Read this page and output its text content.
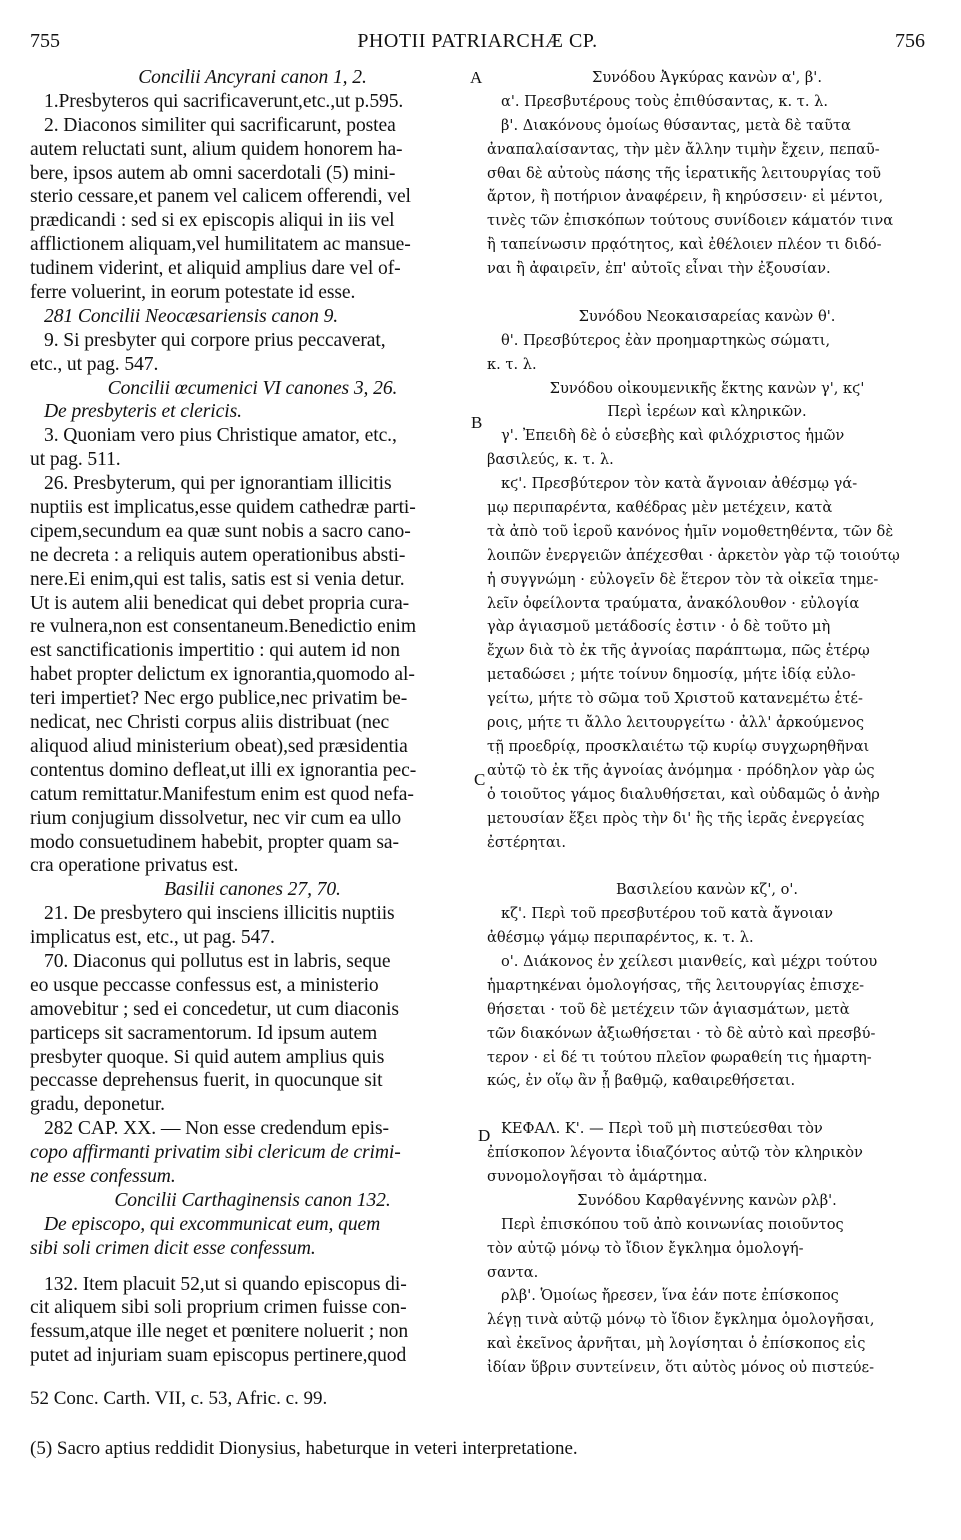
755	PHOTII PATRIARCHÆ CP.	756
Concilii Ancyrani canon 1, 2.
1.Presbyteros qui sacrificaverunt,etc.,ut p.595.
2. Diaconos similiter qui sacrificarunt, postea
autem reluctati sunt, alium quidem honorem ha-
bere, ipsos autem ab omni sacerdotali (5) mini-
sterio cessare,et panem vel calicem offerendi, vel
prædicandi : sed si ex episcopis aliqui in iis vel
afflictionem aliquam,vel humilitatem ac mansue-
tudinem viderint, et aliquid amplius dare vel of-
ferre voluerint, in eorum potestate id esse.
281 Concilii Neocæsariensis canon 9.
9. Si presbyter qui corpore prius peccaverat,
etc., ut pag. 547.
Concilii œcumenici VI canones 3, 26.
De presbyteris et clericis.
3. Quoniam vero pius Christique amator, etc.,
ut pag. 511.
26. Presbyterum, qui per ignorantiam illicitis
nuptiis est implicatus,esse quidem cathedræ parti-
cipem,secundum ea quæ sunt nobis a sacro cano-
ne decreta : a reliquis autem operationibus absti-
nere.Ei enim,qui est talis, satis est si venia detur.
Ut is autem alii benedicat qui debet propria cura-
re vulnera,non est consentaneum.Benedictio enim
est sanctificationis impertitio : qui autem id non
habet propter delictum ex ignorantia,quomodo al-
teri impertiet? Nec ergo publice,nec privatim be-
nedicat, nec Christi corpus aliis distribuat (nec
aliquod aliud ministerium obeat),sed præsidentia
contentus domino defleat,ut illi ex ignorantia pec-
catum remittatur.Manifestum enim est quod nefa-
rium conjugium dissolvetur, nec vir cum ea ullo
modo consuetudinem habebit, propter quam sa-
cra operatione privatus est.
Basilii canones 27, 70.
21. De presbytero qui insciens illicitis nuptiis
implicatus est, etc., ut pag. 547.
70. Diaconus qui pollutus est in labris, seque
eo usque peccasse confessus est, a ministerio
amovebitur ; sed ei concedetur, ut cum diaconis
particeps sit sacramentorum. Id ipsum autem
presbyter quoque. Si quid autem amplius quis
peccasse deprehensus fuerit, in quocunque sit
gradu, deponetur.
282 CAP. XX. — Non esse credendum epis-
copo affirmanti privatim sibi clericum de crimi-
ne esse confessum.
Concilii Carthaginensis canon 132.
De episcopo, qui excommunicat eum, quem
sibi soli crimen dicit esse confessum.
132. Item placuit 52,ut si quando episcopus di-
cit aliquem sibi soli proprium crimen fuisse con-
fessum,atque ille neget et pœnitere noluerit ; non
putet ad injuriam suam episcopus pertinere,quod
Συνόδου Ἀγκύρας κανὼν α', β'.
α'. Πρεσβυτέρους τοὺς ἐπιθύσαντας, κ. τ. λ.
β'. Διακόνους ὁμοίως θύσαντας, μετὰ δὲ ταῦτα
ἀναπαλαίσαντας, τὴν μὲν ἄλλην τιμὴν ἔχειν, πεπαῦ-
σθαι δὲ αὐτοὺς πάσης τῆς ἱερατικῆς λειτουργίας τοῦ
ἄρτον, ἢ ποτήριον ἀναφέρειν, ἢ κηρύσσειν· εἰ μέντοι,
τινὲς τῶν ἐπισκόπων τούτους συνίδοιεν κάματόν τινα
ἢ ταπείνωσιν πρᾳότητος, καὶ ἐθέλοιεν πλέον τι διδό-
ναι ἢ ἀφαιρεῖν, ἐπ' αὐτοῖς εἶναι τὴν ἐξουσίαν.
Συνόδου Νεοκαισαρείας κανὼν θ'.
θ'. Πρεσβύτερος ἐὰν προημαρτηκὼς σώματι,
κ. τ. λ.
Συνόδου οἰκουμενικῆς ἕκτης κανὼν γ', κϛ'
Περὶ ἱερέων καὶ κληρικῶν.
γ'. Ἐπειδὴ δὲ ὁ εὐσεβὴς καὶ φιλόχριστος ἡμῶν
βασιλεύς, κ. τ. λ.
κϛ'. Πρεσβύτερον τὸν κατὰ ἄγνοιαν ἀθέσμῳ γά-
μῳ περιπαρέντα, καθέδρας μὲν μετέχειν, κατὰ
τὰ ἀπὸ τοῦ ἱεροῦ κανόνος ἡμῖν νομοθετηθέντα, τῶν δὲ
λοιπῶν ἐνεργειῶν ἀπέχεσθαι · ἀρκετὸν γὰρ τῷ τοιούτῳ
ἡ συγγνώμη · εὐλογεῖν δὲ ἕτερον τὸν τὰ οἰκεῖα τημε-
λεῖν ὀφείλοντα τραύματα, ἀνακόλουθον · εὐλογία
γὰρ ἁγιασμοῦ μετάδοσίς ἐστιν · ὁ δὲ τοῦτο μὴ
ἔχων διὰ τὸ ἐκ τῆς ἀγνοίας παράπτωμα, πῶς ἑτέρῳ
μεταδώσει ; μήτε τοίνυν δημοσίᾳ, μήτε ἰδίᾳ εὐλο-
γείτω, μήτε τὸ σῶμα τοῦ Χριστοῦ κατανεμέτω ἑτέ-
ροις, μήτε τι ἄλλο λειτουργείτω · ἀλλ' ἀρκούμενος
τῇ προεδρίᾳ, προσκλαιέτω τῷ κυρίῳ συγχωρηθῆναι
αὐτῷ τὸ ἐκ τῆς ἀγνοίας ἀνόμημα · πρόδηλον γὰρ ὡς
ὁ τοιοῦτος γάμος διαλυθήσεται, καὶ οὐδαμῶς ὁ ἀνὴρ
μετουσίαν ἕξει πρὸς τὴν δι' ἣς τῆς ἱερᾶς ἐνεργείας
ἐστέρηται.
Βασιλείου κανὼν κζ', ο'.
κζ'. Περὶ τοῦ πρεσβυτέρου τοῦ κατὰ ἄγνοιαν
ἀθέσμῳ γάμῳ περιπαρέντος, κ. τ. λ.
ο'. Διάκονος ἐν χείλεσι μιανθείς, καὶ μέχρι τούτου
ἡμαρτηκέναι ὁμολογήσας, τῆς λειτουργίας ἐπισχε-
θήσεται · τοῦ δὲ μετέχειν τῶν ἁγιασμάτων, μετὰ
τῶν διακόνων ἀξιωθήσεται · τὸ δὲ αὐτὸ καὶ πρεσβύ-
τερον · εἰ δέ τι τούτου πλεῖον φωραθείη τις ἡμαρτη-
κώς, ἐν οἵῳ ἂν ᾖ βαθμῷ, καθαιρεθήσεται.
ΚΕΦΑΛ. Κ'. — Περὶ τοῦ μὴ πιστεύεσθαι τὸν
ἐπίσκοπον λέγοντα ἰδιαζόντος αὐτῷ τὸν κληρικὸν
συνομολογῆσαι τὸ ἁμάρτημα.
Συνόδου Καρθαγέννης κανὼν ρλβ'.
Περὶ ἐπισκόπου τοῦ ἀπὸ κοινωνίας ποιοῦντος
τὸν αὐτῷ μόνῳ τὸ ἴδιον ἔγκλημα ὁμολογή-
σαντα.
ρλβ'. Ὁμοίως ἤρεσεν, ἵνα ἐάν ποτε ἐπίσκοπος
λέγῃ τινὰ αὐτῷ μόνῳ τὸ ἴδιον ἔγκλημα ὁμολογῆσαι,
καὶ ἐκεῖνος ἀρνῆται, μὴ λογίσηται ὁ ἐπίσκοπος εἰς
ἰδίαν ὕβριν συντείνειν, ὅτι αὐτὸς μόνος οὐ πιστεύε-
A
B
C
D
52 Conc. Carth. VII, c. 53, Afric. c. 99.
(5) Sacro aptius reddidit Dionysius, habeturque in veteri interpretatione.
